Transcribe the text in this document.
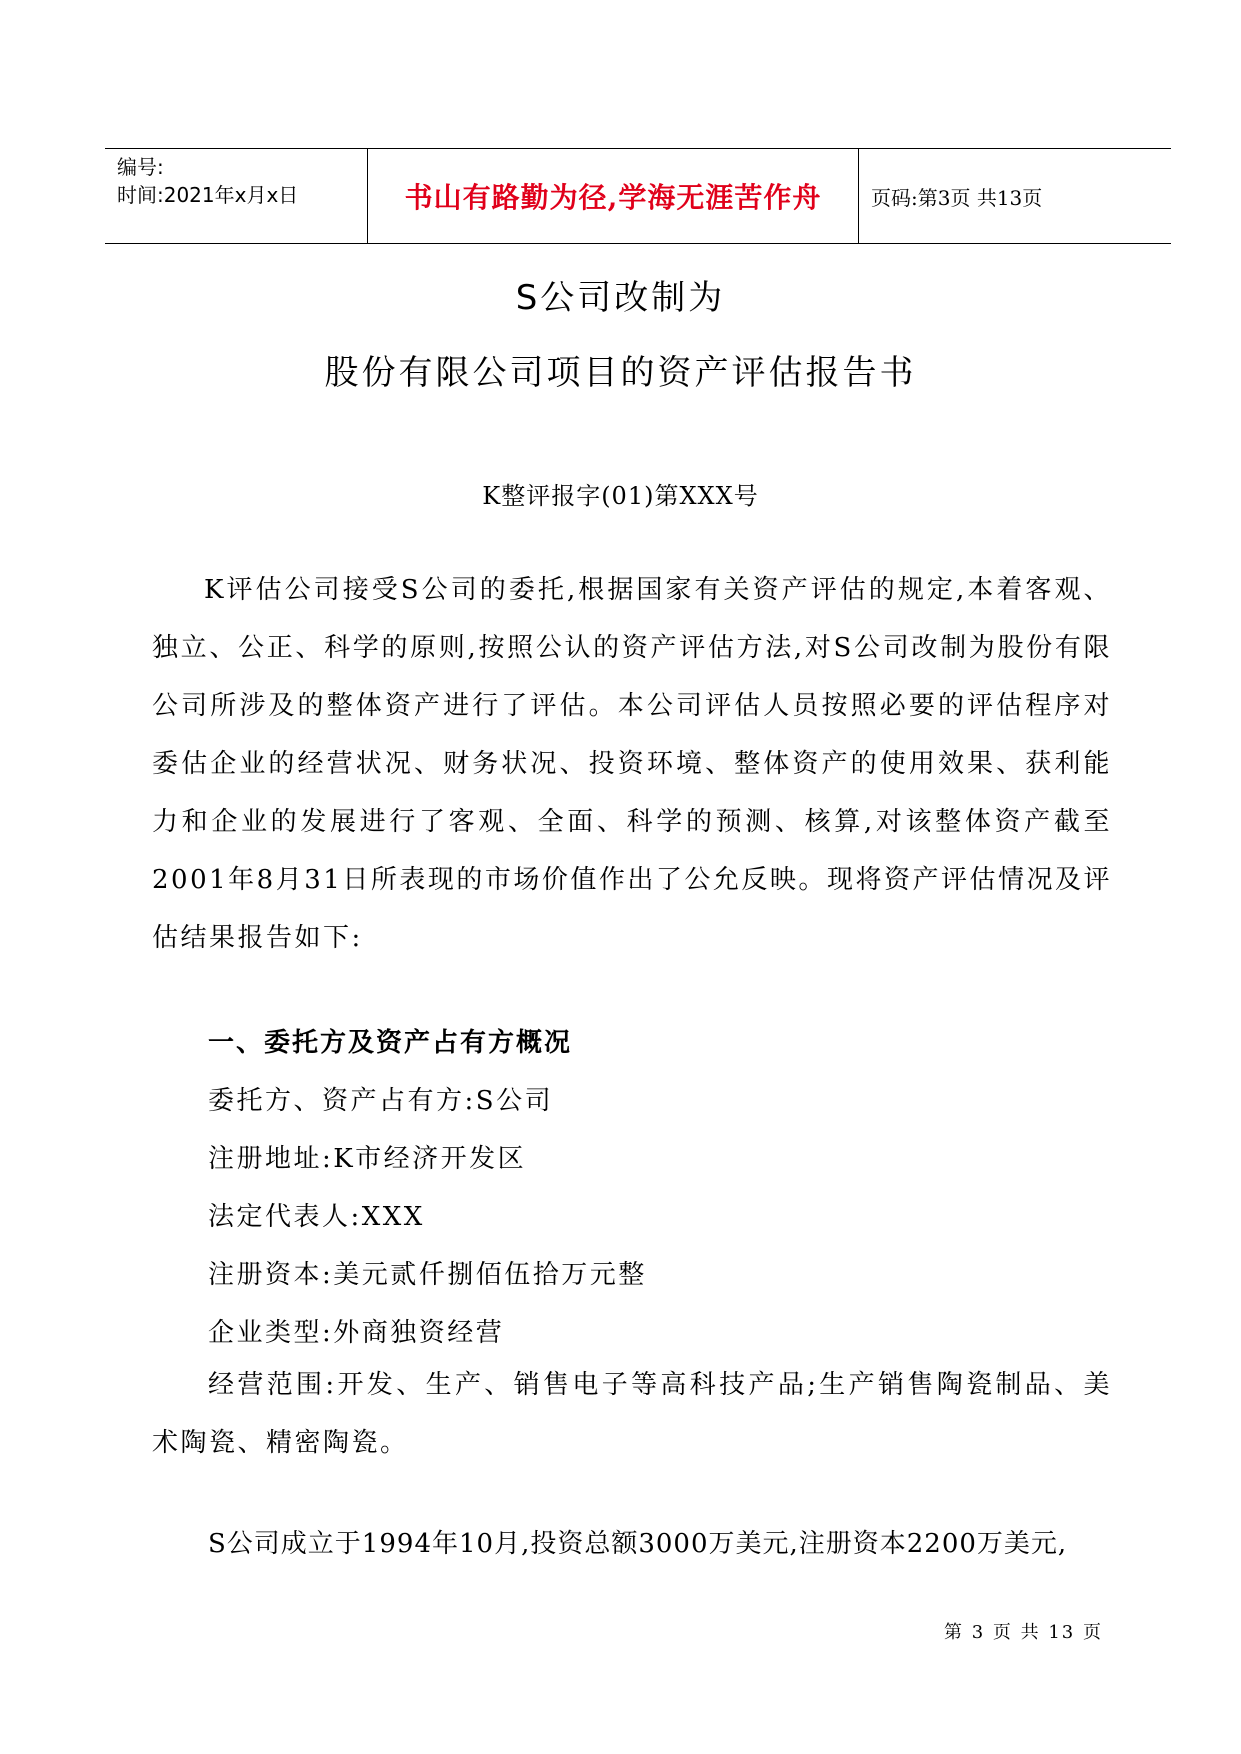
编号:
时间:2021年x月x日	书山有路勤为径,学海无涯苦作舟	页码:第3页 共13页
S公司改制为
股份有限公司项目的资产评估报告书
K整评报字(01)第XXX号
K评估公司接受S公司的委托,根据国家有关资产评估的规定,本着客观、独立、公正、科学的原则,按照公认的资产评估方法,对S公司改制为股份有限公司所涉及的整体资产进行了评估。本公司评估人员按照必要的评估程序对委估企业的经营状况、财务状况、投资环境、整体资产的使用效果、获利能力和企业的发展进行了客观、全面、科学的预测、核算,对该整体资产截至2001年8月31日所表现的市场价值作出了公允反映。现将资产评估情况及评估结果报告如下:
一、委托方及资产占有方概况
委托方、资产占有方:S公司
注册地址:K市经济开发区
法定代表人:XXX
注册资本:美元贰仟捌佰伍拾万元整
企业类型:外商独资经营
经营范围:开发、生产、销售电子等高科技产品;生产销售陶瓷制品、美术陶瓷、精密陶瓷。
S公司成立于1994年10月,投资总额3000万美元,注册资本2200万美元,
第 3 页 共 13 页
